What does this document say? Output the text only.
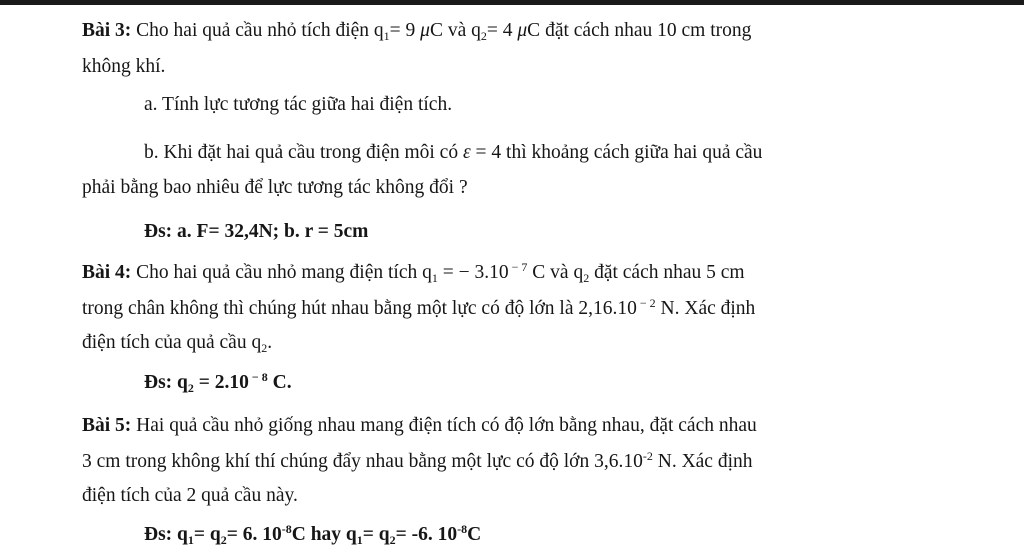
Bài 3: Cho hai quả cầu nhỏ tích điện $q_1= 9$ μC và $q_2= 4$ μC đặt cách nhau 10 cm trong
không khí.
a. Tính lực tương tác giữa hai điện tích.
b. Khi đặt hai quả cầu trong điện môi có ε = 4 thì khoảng cách giữa hai quả cầu
phải bằng bao nhiêu để lực tương tác không đổi ?
Đs: a. F= 32,4N; b. r = 5cm
Bài 4: Cho hai quả cầu nhỏ mang điện tích $q_1$ = − 3.10 $^{- 7}$ C và $q_2$ đặt cách nhau 5 cm
trong chân không thì chúng hút nhau bằng một lực có độ lớn là 2,16.10 $^{- 2}$ N. Xác định
điện tích của quả cầu $q_2$.
Đs: $q_2 = 2.10$ $^{- 8}$ C.
Bài 5: Hai quả cầu nhỏ giống nhau mang điện tích có độ lớn bằng nhau, đặt cách nhau
3 cm trong không khí thí chúng đẩy nhau bằng một lực có độ lớn $3,6.10^{-2}$ N. Xác định
điện tích của 2 quả cầu này.
Đs: $q_1= q_2= 6$. $10^{-8}C$ hay $q_1= q_2= -6$. $10^{-8}C$
